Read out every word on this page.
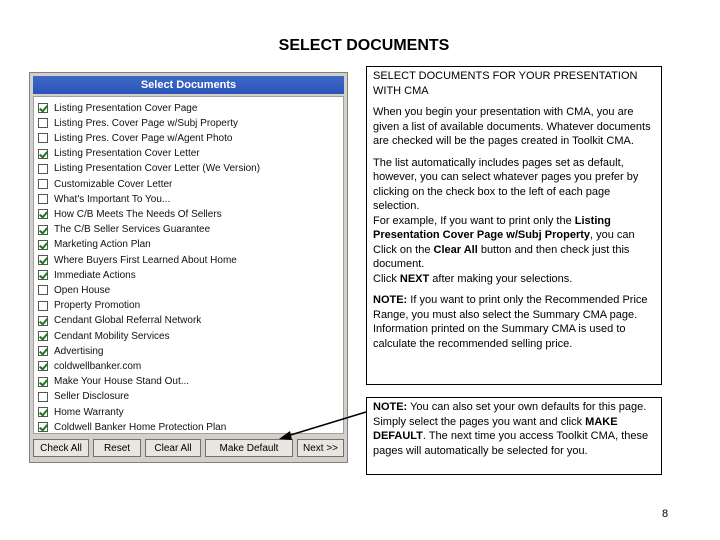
SELECT DOCUMENTS
Select Documents
Listing Presentation Cover Page
Listing Pres. Cover Page w/Subj Property
Listing Pres. Cover Page w/Agent Photo
Listing Presentation Cover Letter
Listing Presentation Cover Letter (We Version)
Customizable Cover Letter
What's Important To You...
How C/B Meets The Needs Of Sellers
The C/B Seller Services Guarantee
Marketing Action Plan
Where Buyers First Learned About Home
Immediate Actions
Open House
Property Promotion
Cendant Global Referral Network
Cendant Mobility Services
Advertising
coldwellbanker.com
Make Your House Stand Out...
Seller Disclosure
Home Warranty
Coldwell Banker Home Protection Plan
Check All	Reset	Clear All	Make Default	Next >>

SELECT DOCUMENTS FOR YOUR PRESENTATION WITH CMA

When you begin your presentation with CMA, you are given a list of available documents. Whatever documents are checked will be the pages created in Toolkit CMA.

The list automatically includes pages set as default, however, you can select whatever pages you prefer by clicking on the check box to the left of each page selection.
For example, If you want to print only the Listing Presentation Cover Page w/Subj Property, you can Click on the Clear All button and then check just this document.
Click NEXT after making your selections.

NOTE: If you want to print only the Recommended Price Range, you must also select the Summary CMA page. Information printed on the Summary CMA is used to calculate the recommended selling price.

NOTE: You can also set your own defaults for this page. Simply select the pages you want and click MAKE DEFAULT. The next time you access Toolkit CMA, these pages will automatically be selected for you.

8
